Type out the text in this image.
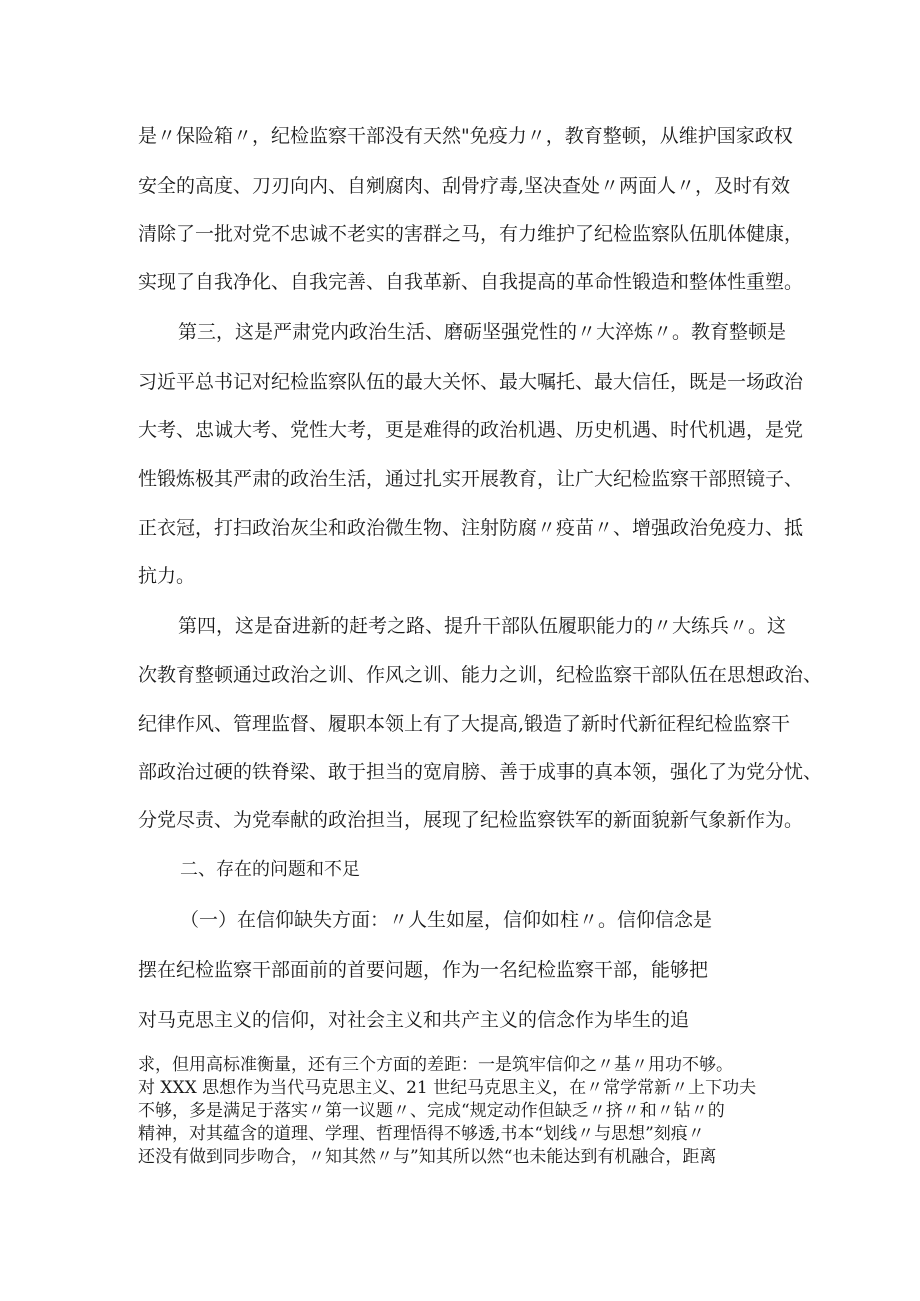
是〃保险箱〃，纪检监察干部没有天然"免疫力〃，教育整顿，从维护国家政权
安全的高度、刀刃向内、自剜腐肉、刮骨疗毒,坚决查处〃两面人〃，及时有效
清除了一批对党不忠诚不老实的害群之马，有力维护了纪检监察队伍肌体健康，
实现了自我净化、自我完善、自我革新、自我提高的革命性锻造和整体性重塑。
第三，这是严肃党内政治生活、磨砺坚强党性的〃大淬炼〃。教育整顿是
习近平总书记对纪检监察队伍的最大关怀、最大嘱托、最大信任，既是一场政治
大考、忠诚大考、党性大考，更是难得的政治机遇、历史机遇、时代机遇，是党
性锻炼极其严肃的政治生活，通过扎实开展教育，让广大纪检监察干部照镜子、
正衣冠，打扫政治灰尘和政治微生物、注射防腐〃疫苗〃、增强政治免疫力、抵
抗力。
第四，这是奋进新的赶考之路、提升干部队伍履职能力的〃大练兵〃。这
次教育整顿通过政治之训、作风之训、能力之训，纪检监察干部队伍在思想政治、
纪律作风、管理监督、履职本领上有了大提高,锻造了新时代新征程纪检监察干
部政治过硬的铁脊梁、敢于担当的宽肩膀、善于成事的真本领，强化了为党分忧、
分党尽责、为党奉献的政治担当，展现了纪检监察铁军的新面貌新气象新作为。
二、存在的问题和不足
（一）在信仰缺失方面：〃人生如屋，信仰如柱〃。信仰信念是
摆在纪检监察干部面前的首要问题，作为一名纪检监察干部，能够把
对马克思主义的信仰，对社会主义和共产主义的信念作为毕生的追
求，但用高标准衡量，还有三个方面的差距：一是筑牢信仰之〃基〃用功不够。
对 XXX 思想作为当代马克思主义、21 世纪马克思主义，在〃常学常新〃上下功夫
不够，多是满足于落实〃第一议题〃、完成“规定动作但缺乏〃挤〃和〃钻〃的
精神，对其蕴含的道理、学理、哲理悟得不够透,书本“划线〃与思想”刻痕〃
还没有做到同步吻合，〃知其然〃与”知其所以然“也未能达到有机融合，距离
